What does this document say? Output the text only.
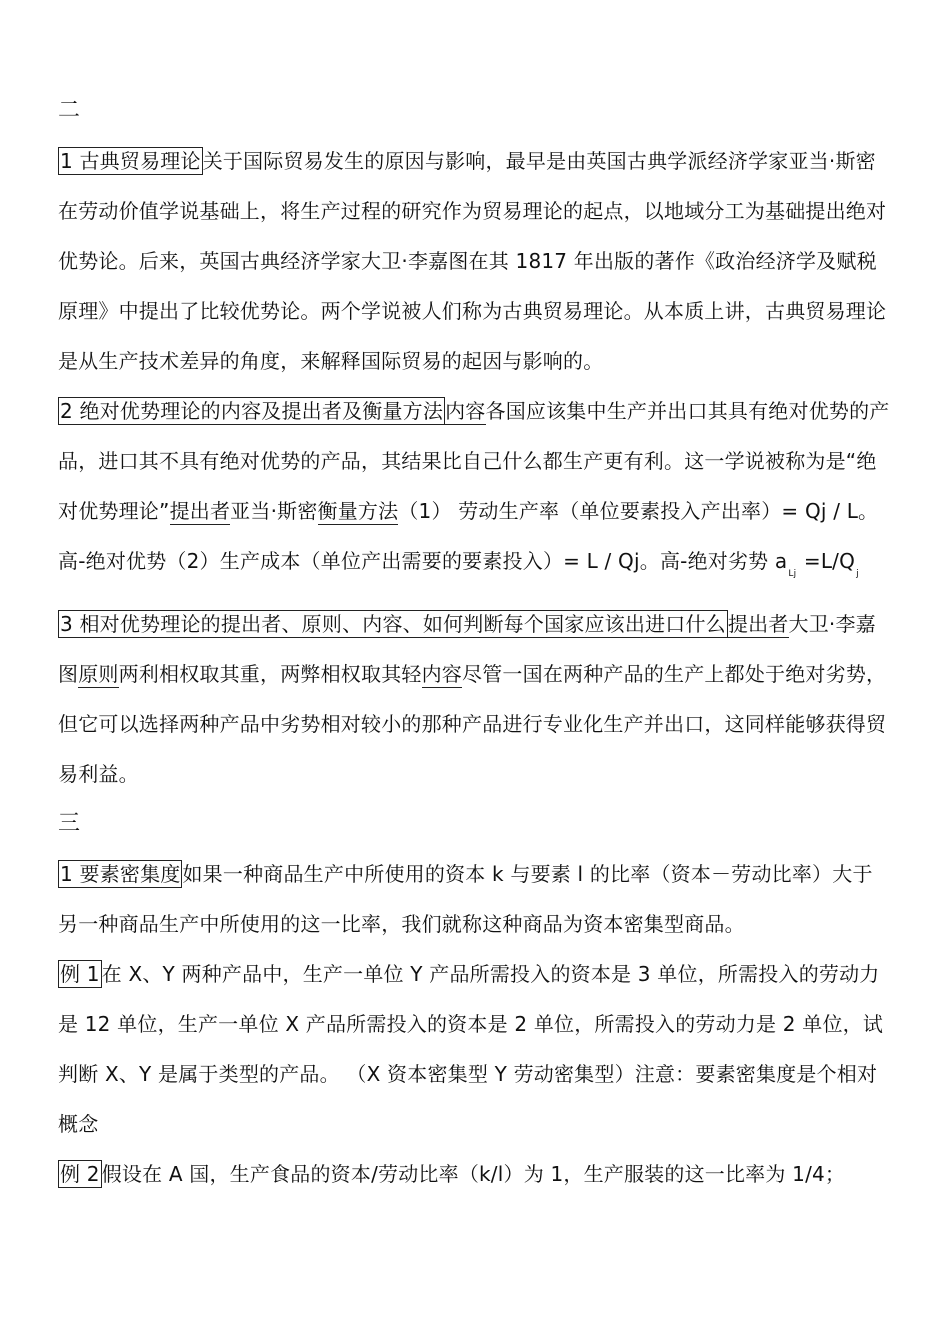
二

1 古典贸易理论 关于国际贸易发生的原因与影响，最早是由英国古典学派经济学家亚当·斯密在劳动价值学说基础上，将生产过程的研究作为贸易理论的起点，以地域分工为基础提出绝对优势论。后来，英国古典经济学家大卫·李嘉图在其 1817 年出版的著作《政治经济学及赋税原理》中提出了比较优势论。两个学说被人们称为古典贸易理论。从本质上讲，古典贸易理论是从生产技术差异的角度，来解释国际贸易的起因与影响的。

2 绝对优势理论的内容及提出者及衡量方法 内容各国应该集中生产并出口其具有绝对优势的产品，进口其不具有绝对优势的产品，其结果比自己什么都生产更有利。这一学说被称为是“绝对优势理论”提出者亚当·斯密衡量方法（1） 劳动生产率（单位要素投入产出率）= Qj / L。高-绝对优势（2）生产成本（单位产出需要的要素投入）= L / Qj。高-绝对劣势 $a_{Lj} =L/Q_j$

3 相对优势理论的提出者、原则、内容、如何判断每个国家应该出进口什么 提出者大卫·李嘉图原则两利相权取其重，两弊相权取其轻内容尽管一国在两种产品的生产上都处于绝对劣势，但它可以选择两种产品中劣势相对较小的那种产品进行专业化生产并出口，这同样能够获得贸易利益。

三

1 要素密集度 如果一种商品生产中所使用的资本 k 与要素 l 的比率（资本－劳动比率）大于另一种商品生产中所使用的这一比率，我们就称这种商品为资本密集型商品。

例 1 在 X、Y 两种产品中，生产一单位 Y 产品所需投入的资本是 3 单位，所需投入的劳动力是 12 单位，生产一单位 X 产品所需投入的资本是 2 单位，所需投入的劳动力是 2 单位，试判断 X、Y 是属于类型的产品。 （X 资本密集型 Y 劳动密集型）注意：要素密集度是个相对概念

例 2 假设在 A 国，生产食品的资本/劳动比率（k/l）为 1，生产服装的这一比率为 1/4；
